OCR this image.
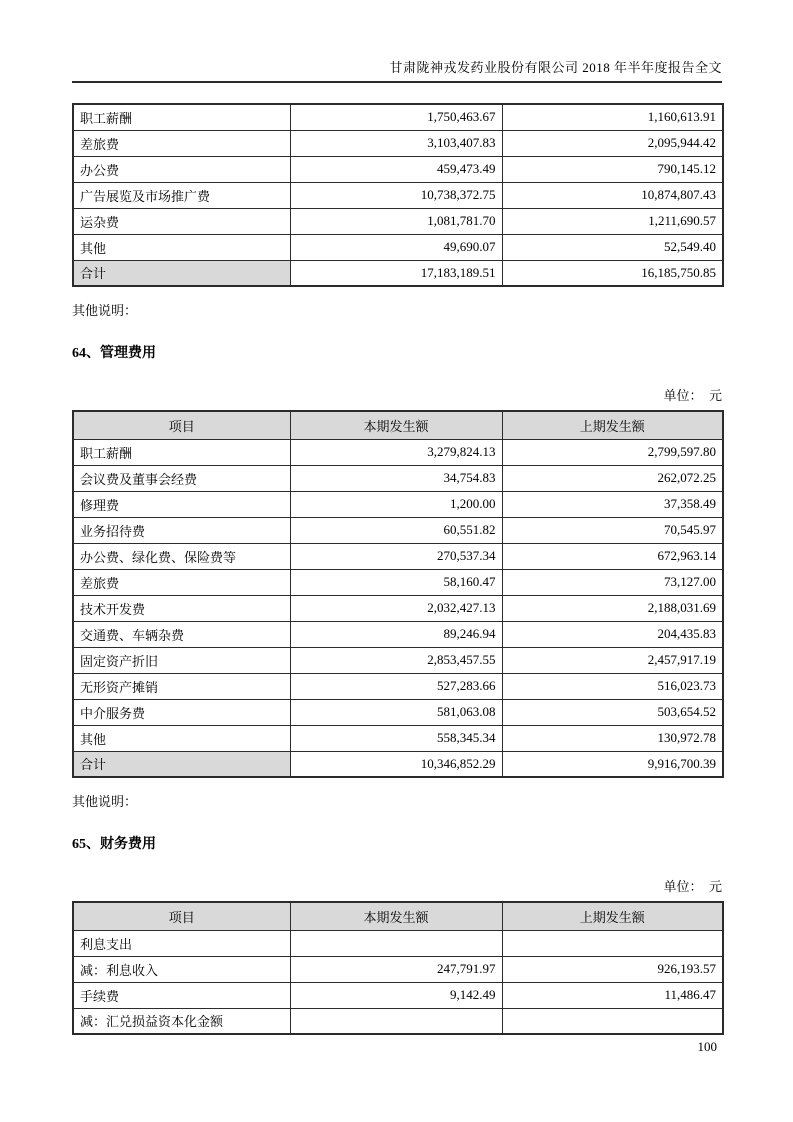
甘肃陇神戎发药业股份有限公司 2018 年半年度报告全文
职工薪酬	1,750,463.67	1,160,613.91
差旅费	3,103,407.83	2,095,944.42
办公费	459,473.49	790,145.12
广告展览及市场推广费	10,738,372.75	10,874,807.43
运杂费	1,081,781.70	1,211,690.57
其他	49,690.07	52,549.40
合计	17,183,189.51	16,185,750.85
其他说明：
64、管理费用
单位：　元
项目	本期发生额	上期发生额
职工薪酬	3,279,824.13	2,799,597.80
会议费及董事会经费	34,754.83	262,072.25
修理费	1,200.00	37,358.49
业务招待费	60,551.82	70,545.97
办公费、绿化费、保险费等	270,537.34	672,963.14
差旅费	58,160.47	73,127.00
技术开发费	2,032,427.13	2,188,031.69
交通费、车辆杂费	89,246.94	204,435.83
固定资产折旧	2,853,457.55	2,457,917.19
无形资产摊销	527,283.66	516,023.73
中介服务费	581,063.08	503,654.52
其他	558,345.34	130,972.78
合计	10,346,852.29	9,916,700.39
其他说明：
65、财务费用
单位：　元
项目	本期发生额	上期发生额
利息支出		
减：利息收入	247,791.97	926,193.57
手续费	9,142.49	11,486.47
减：汇兑损益资本化金额		
100
